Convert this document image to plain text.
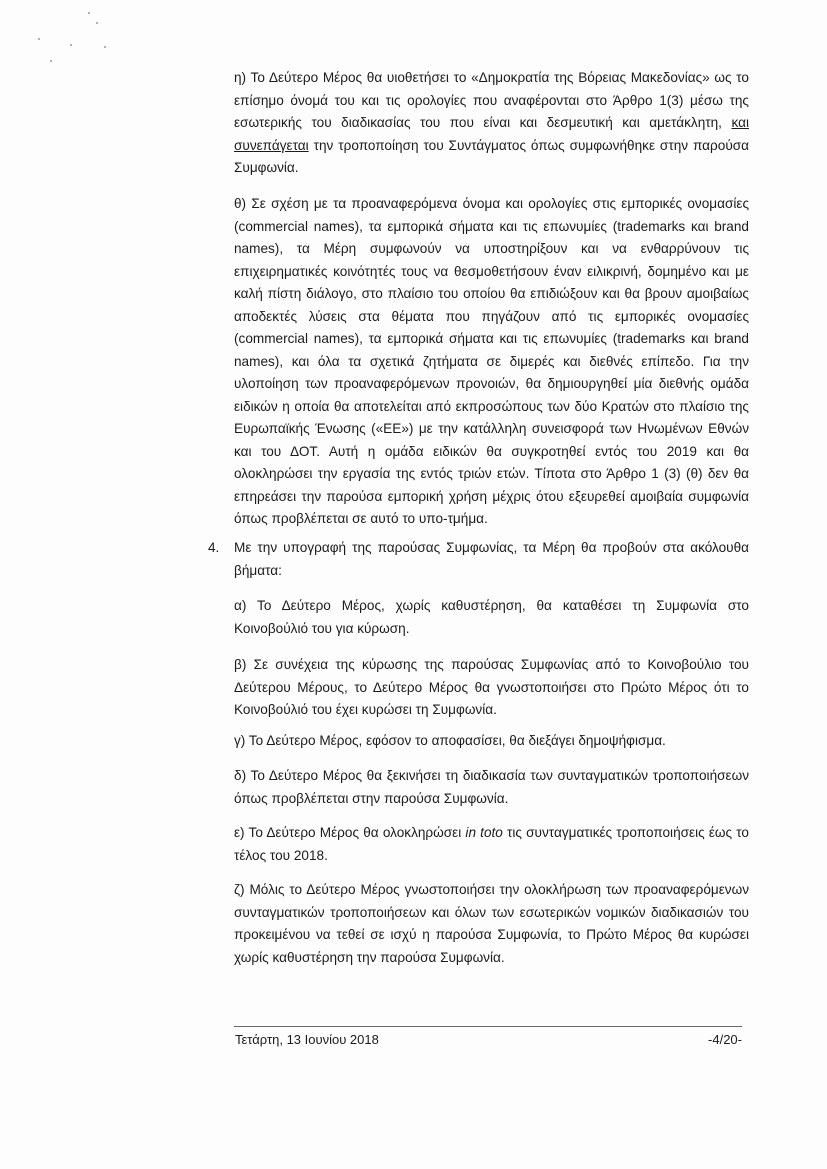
η) Το Δεύτερο Μέρος θα υιοθετήσει το «Δημοκρατία της Βόρειας Μακεδονίας» ως το επίσημο όνομά του και τις ορολογίες που αναφέρονται στο Άρθρο 1(3) μέσω της εσωτερικής του διαδικασίας του που είναι και δεσμευτική και αμετάκλητη, και συνεπάγεται την τροποποίηση του Συντάγματος όπως συμφωνήθηκε στην παρούσα Συμφωνία.

θ) Σε σχέση με τα προαναφερόμενα όνομα και ορολογίες στις εμπορικές ονομασίες (commercial names), τα εμπορικά σήματα και τις επωνυμίες (trademarks και brand names), τα Μέρη συμφωνούν να υποστηρίξουν και να ενθαρρύνουν τις επιχειρηματικές κοινότητές τους να θεσμοθετήσουν έναν ειλικρινή, δομημένο και με καλή πίστη διάλογο, στο πλαίσιο του οποίου θα επιδιώξουν και θα βρουν αμοιβαίως αποδεκτές λύσεις στα θέματα που πηγάζουν από τις εμπορικές ονομασίες (commercial names), τα εμπορικά σήματα και τις επωνυμίες (trademarks και brand names), και όλα τα σχετικά ζητήματα σε διμερές και διεθνές επίπεδο. Για την υλοποίηση των προαναφερόμενων προνοιών, θα δημιουργηθεί μία διεθνής ομάδα ειδικών η οποία θα αποτελείται από εκπροσώπους των δύο Κρατών στο πλαίσιο της Ευρωπαϊκής Ένωσης («ΕΕ») με την κατάλληλη συνεισφορά των Ηνωμένων Εθνών και του ΔΟΤ. Αυτή η ομάδα ειδικών θα συγκροτηθεί εντός του 2019 και θα ολοκληρώσει την εργασία της εντός τριών ετών. Τίποτα στο Άρθρο 1 (3) (θ) δεν θα επηρεάσει την παρούσα εμπορική χρήση μέχρις ότου εξευρεθεί αμοιβαία συμφωνία όπως προβλέπεται σε αυτό το υπο-τμήμα.

4. Με την υπογραφή της παρούσας Συμφωνίας, τα Μέρη θα προβούν στα ακόλουθα βήματα:

α) Το Δεύτερο Μέρος, χωρίς καθυστέρηση, θα καταθέσει τη Συμφωνία στο Κοινοβούλιό του για κύρωση.

β) Σε συνέχεια της κύρωσης της παρούσας Συμφωνίας από το Κοινοβούλιο του Δεύτερου Μέρους, το Δεύτερο Μέρος θα γνωστοποιήσει στο Πρώτο Μέρος ότι το Κοινοβούλιό του έχει κυρώσει τη Συμφωνία.

γ) Το Δεύτερο Μέρος, εφόσον το αποφασίσει, θα διεξάγει δημοψήφισμα.

δ) Το Δεύτερο Μέρος θα ξεκινήσει τη διαδικασία των συνταγματικών τροποποιήσεων όπως προβλέπεται στην παρούσα Συμφωνία.

ε) Το Δεύτερο Μέρος θα ολοκληρώσει in toto τις συνταγματικές τροποποιήσεις έως το τέλος του 2018.

ζ) Μόλις το Δεύτερο Μέρος γνωστοποιήσει την ολοκλήρωση των προαναφερόμενων συνταγματικών τροποποιήσεων και όλων των εσωτερικών νομικών διαδικασιών του προκειμένου να τεθεί σε ισχύ η παρούσα Συμφωνία, το Πρώτο Μέρος θα κυρώσει χωρίς καθυστέρηση την παρούσα Συμφωνία.

Τετάρτη, 13 Ιουνίου 2018	-4/20-
